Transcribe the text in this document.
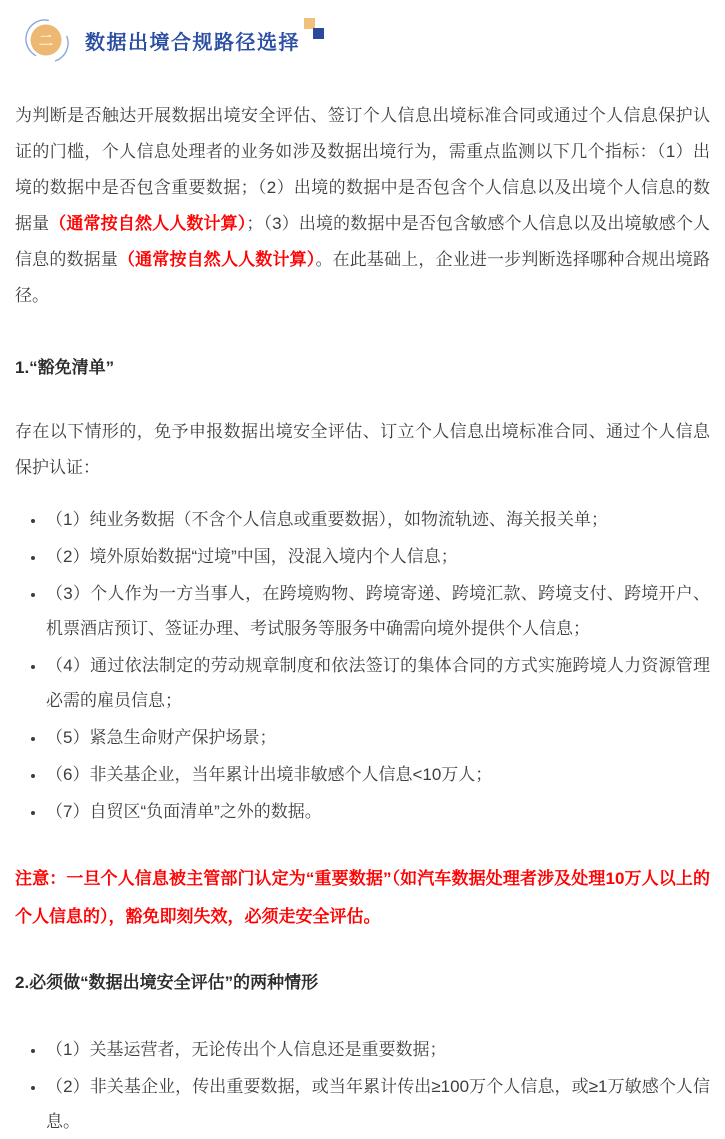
二 数据出境合规路径选择

为判断是否触达开展数据出境安全评估、签订个人信息出境标准合同或通过个人信息保护认证的门槛，个人信息处理者的业务如涉及数据出境行为，需重点监测以下几个指标：（1）出境的数据中是否包含重要数据；（2）出境的数据中是否包含个人信息以及出境个人信息的数据量（通常按自然人人数计算）；（3）出境的数据中是否包含敏感个人信息以及出境敏感个人信息的数据量（通常按自然人人数计算）。在此基础上，企业进一步判断选择哪种合规出境路径。

1.“豁免清单”

存在以下情形的，免予申报数据出境安全评估、订立个人信息出境标准合同、通过个人信息保护认证：

• （1）纯业务数据（不含个人信息或重要数据），如物流轨迹、海关报关单；
• （2）境外原始数据“过境”中国，没混入境内个人信息；
• （3）个人作为一方当事人，在跨境购物、跨境寄递、跨境汇款、跨境支付、跨境开户、机票酒店预订、签证办理、考试服务等服务中确需向境外提供个人信息；
• （4）通过依法制定的劳动规章制度和依法签订的集体合同的方式实施跨境人力资源管理必需的雇员信息；
• （5）紧急生命财产保护场景；
• （6）非关基企业，当年累计出境非敏感个人信息<10万人；
• （7）自贸区“负面清单”之外的数据。

注意：一旦个人信息被主管部门认定为“重要数据”（如汽车数据处理者涉及处理10万人以上的个人信息的），豁免即刻失效，必须走安全评估。

2.必须做“数据出境安全评估”的两种情形
• （1）关基运营者，无论传出个人信息还是重要数据；
• （2）非关基企业，传出重要数据，或当年累计传出≥100万个人信息，或≥1万敏感个人信息。
